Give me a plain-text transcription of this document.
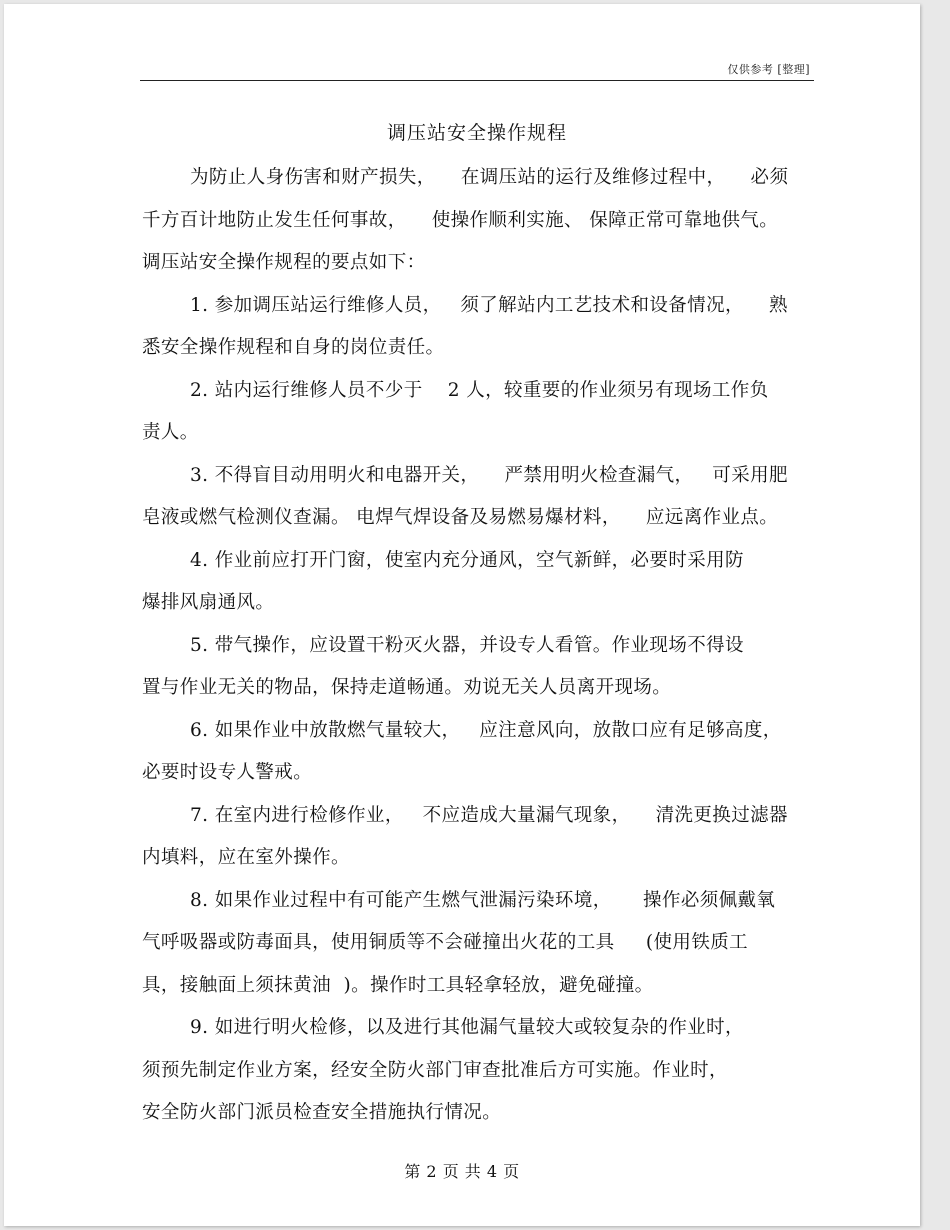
仅供参考 [整理]
调压站安全操作规程
为防止人身伤害和财产损失，    在调压站的运行及维修过程中，    必须
千方百计地防止发生任何事故，    使操作顺利实施、 保障正常可靠地供气。
调压站安全操作规程的要点如下：
1. 参加调压站运行维修人员，   须了解站内工艺技术和设备情况，    熟
悉安全操作规程和自身的岗位责任。
2. 站内运行维修人员不少于    2 人，较重要的作业须另有现场工作负
责人。
3. 不得盲目动用明火和电器开关，    严禁用明火检查漏气，   可采用肥
皂液或燃气检测仪查漏。 电焊气焊设备及易燃易爆材料，    应远离作业点。
4. 作业前应打开门窗，使室内充分通风，空气新鲜，必要时采用防
爆排风扇通风。
5. 带气操作，应设置干粉灭火器，并设专人看管。作业现场不得设
置与作业无关的物品，保持走道畅通。劝说无关人员离开现场。
6. 如果作业中放散燃气量较大，   应注意风向，放散口应有足够高度，
必要时设专人警戒。
7. 在室内进行检修作业，   不应造成大量漏气现象，    清洗更换过滤器
内填料，应在室外操作。
8. 如果作业过程中有可能产生燃气泄漏污染环境，     操作必须佩戴氧
气呼吸器或防毒面具，使用铜质等不会碰撞出火花的工具     (使用铁质工
具，接触面上须抹黄油  )。操作时工具轻拿轻放，避免碰撞。
9. 如进行明火检修，以及进行其他漏气量较大或较复杂的作业时，
须预先制定作业方案，经安全防火部门审查批准后方可实施。作业时，
安全防火部门派员检查安全措施执行情况。
第 2 页 共 4 页
